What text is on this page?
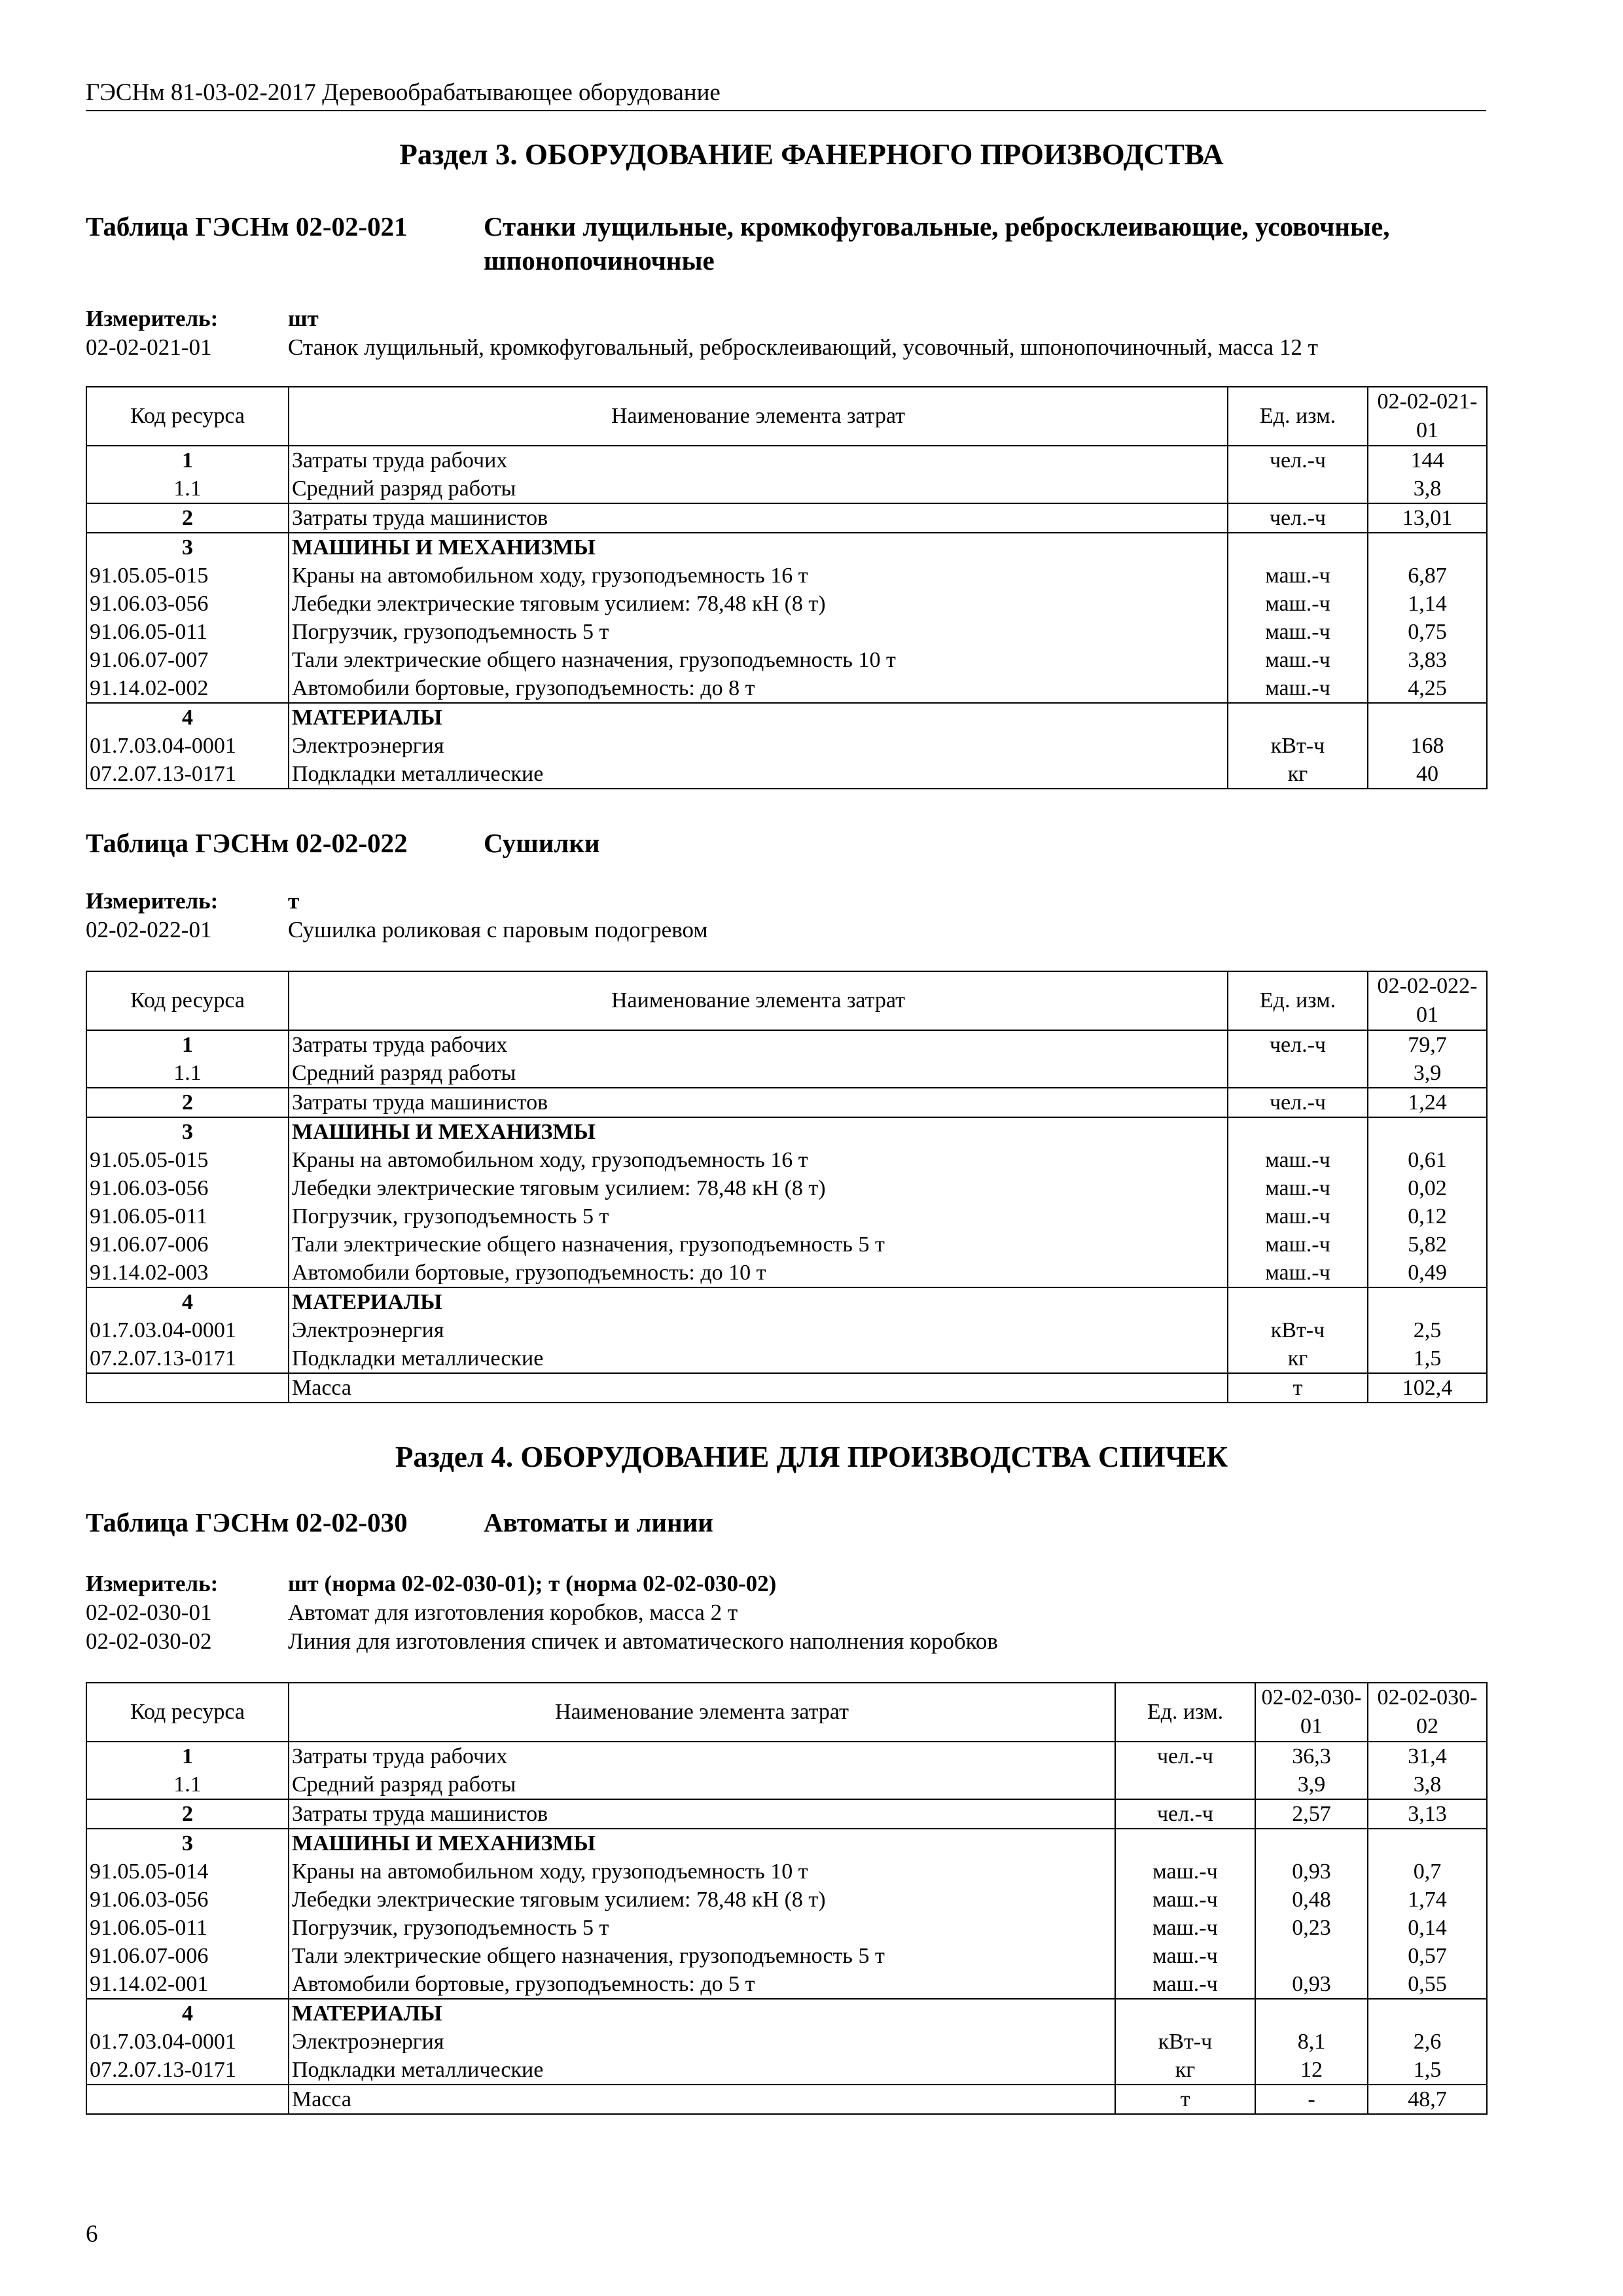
ГЭСНм 81-03-02-2017 Деревообрабатывающее оборудование
Раздел 3. ОБОРУДОВАНИЕ ФАНЕРНОГО ПРОИЗВОДСТВА
Таблица ГЭСНм 02-02-021	Станки лущильные, кромкофуговальные, ребросклеивающие, усовочные, шпонопочиночные
Измеритель:	шт
02-02-021-01	Станок лущильный, кромкофуговальный, ребросклеивающий, усовочный, шпонопочиночный, масса 12 т
Код ресурса	Наименование элемента затрат	Ед. изм.	02-02-021-01
1	Затраты труда рабочих	чел.-ч	144
1.1	Средний разряд работы		3,8
2	Затраты труда машинистов	чел.-ч	13,01
3	МАШИНЫ И МЕХАНИЗМЫ		
91.05.05-015	Краны на автомобильном ходу, грузоподъемность 16 т	маш.-ч	6,87
91.06.03-056	Лебедки электрические тяговым усилием: 78,48 кН (8 т)	маш.-ч	1,14
91.06.05-011	Погрузчик, грузоподъемность 5 т	маш.-ч	0,75
91.06.07-007	Тали электрические общего назначения, грузоподъемность 10 т	маш.-ч	3,83
91.14.02-002	Автомобили бортовые, грузоподъемность: до 8 т	маш.-ч	4,25
4	МАТЕРИАЛЫ		
01.7.03.04-0001	Электроэнергия	кВт-ч	168
07.2.07.13-0171	Подкладки металлические	кг	40
Таблица ГЭСНм 02-02-022	Сушилки
Измеритель:	т
02-02-022-01	Сушилка роликовая с паровым подогревом
Код ресурса	Наименование элемента затрат	Ед. изм.	02-02-022-01
1	Затраты труда рабочих	чел.-ч	79,7
1.1	Средний разряд работы		3,9
2	Затраты труда машинистов	чел.-ч	1,24
3	МАШИНЫ И МЕХАНИЗМЫ		
91.05.05-015	Краны на автомобильном ходу, грузоподъемность 16 т	маш.-ч	0,61
91.06.03-056	Лебедки электрические тяговым усилием: 78,48 кН (8 т)	маш.-ч	0,02
91.06.05-011	Погрузчик, грузоподъемность 5 т	маш.-ч	0,12
91.06.07-006	Тали электрические общего назначения, грузоподъемность 5 т	маш.-ч	5,82
91.14.02-003	Автомобили бортовые, грузоподъемность: до 10 т	маш.-ч	0,49
4	МАТЕРИАЛЫ		
01.7.03.04-0001	Электроэнергия	кВт-ч	2,5
07.2.07.13-0171	Подкладки металлические	кг	1,5
	Масса	т	102,4
Раздел 4. ОБОРУДОВАНИЕ ДЛЯ ПРОИЗВОДСТВА СПИЧЕК
Таблица ГЭСНм 02-02-030	Автоматы и линии
Измеритель:	шт (норма 02-02-030-01); т (норма 02-02-030-02)
02-02-030-01	Автомат для изготовления коробков, масса 2 т
02-02-030-02	Линия для изготовления спичек и автоматического наполнения коробков
Код ресурса	Наименование элемента затрат	Ед. изм.	02-02-030-01	02-02-030-02
1	Затраты труда рабочих	чел.-ч	36,3	31,4
1.1	Средний разряд работы		3,9	3,8
2	Затраты труда машинистов	чел.-ч	2,57	3,13
3	МАШИНЫ И МЕХАНИЗМЫ			
91.05.05-014	Краны на автомобильном ходу, грузоподъемность 10 т	маш.-ч	0,93	0,7
91.06.03-056	Лебедки электрические тяговым усилием: 78,48 кН (8 т)	маш.-ч	0,48	1,74
91.06.05-011	Погрузчик, грузоподъемность 5 т	маш.-ч	0,23	0,14
91.06.07-006	Тали электрические общего назначения, грузоподъемность 5 т	маш.-ч		0,57
91.14.02-001	Автомобили бортовые, грузоподъемность: до 5 т	маш.-ч	0,93	0,55
4	МАТЕРИАЛЫ			
01.7.03.04-0001	Электроэнергия	кВт-ч	8,1	2,6
07.2.07.13-0171	Подкладки металлические	кг	12	1,5
	Масса	т	-	48,7
6
